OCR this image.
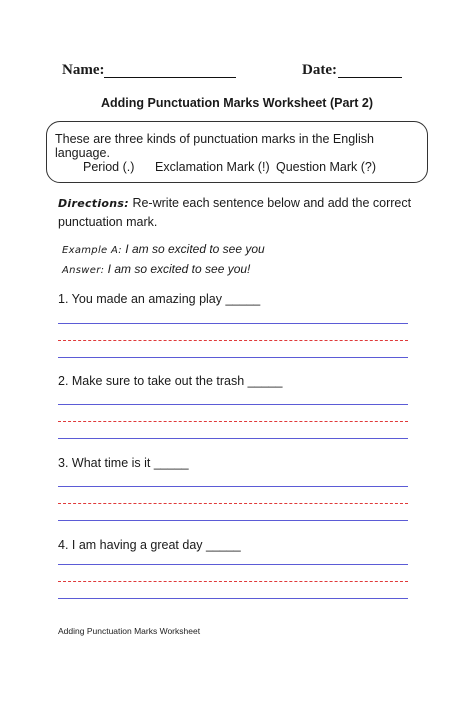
Name:	Date:
Adding Punctuation Marks Worksheet (Part 2)
These are three kinds of punctuation marks in the English language.
Period (.) Exclamation Mark (!) Question Mark (?)
Directions: Re-write each sentence below and add the correct punctuation mark.
Example A: I am so excited to see you
Answer: I am so excited to see you!
1. You made an amazing play _____
2. Make sure to take out the trash _____
3. What time is it _____
4. I am having a great day _____
Adding Punctuation Marks Worksheet
